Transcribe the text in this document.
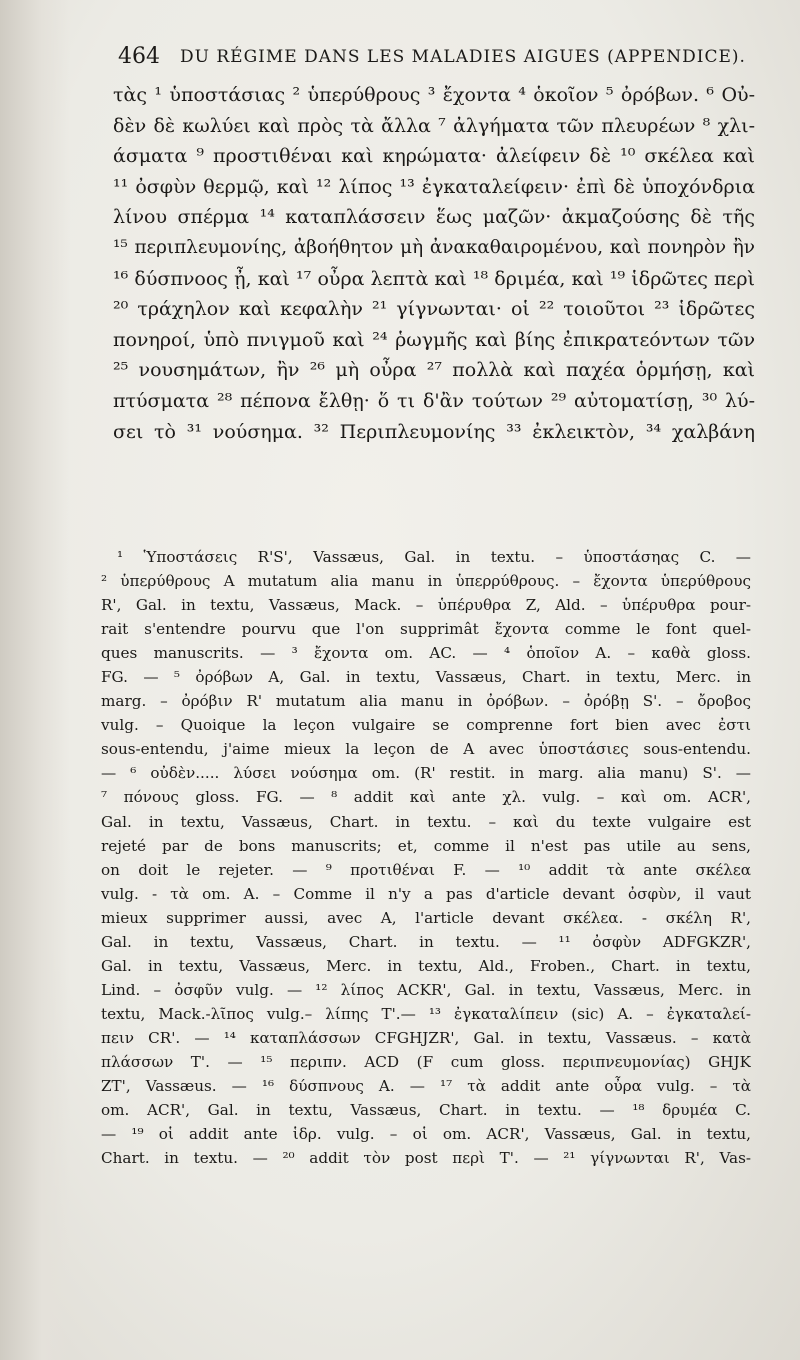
464 DU RÉGIME DANS LES MALADIES AIGUES (APPENDICE).
τὰς ¹ ὑποστάσιας ² ὑπερύθρους ³ ἔχοντα ⁴ ὁκοῖον ⁵ ὀρόβων. ⁶ Οὐ-
δὲν δὲ κωλύει καὶ πρὸς τὰ ἄλλα ⁷ ἀλγήματα τῶν πλευρέων ⁸ χλι-
άσματα ⁹ προστιθέναι καὶ κηρώματα· ἀλείφειν δὲ ¹⁰ σκέλεα καὶ
¹¹ ὀσφὺν θερμῷ, καὶ ¹² λίπος ¹³ ἐγκαταλείφειν· ἐπὶ δὲ ὑποχόνδρια
λίνου σπέρμα ¹⁴ καταπλάσσειν ἕως μαζῶν· ἀκμαζούσης δὲ τῆς
¹⁵ περιπλευμονίης, ἀβοήθητον μὴ ἀνακαθαιρομένου, καὶ πονηρὸν ἢν
¹⁶ δύσπνοος ᾖ, καὶ ¹⁷ οὖρα λεπτὰ καὶ ¹⁸ δριμέα, καὶ ¹⁹ ἱδρῶτες περὶ
²⁰ τράχηλον καὶ κεφαλὴν ²¹ γίγνωνται· οἱ ²² τοιοῦτοι ²³ ἱδρῶτες
πονηροί, ὑπὸ πνιγμοῦ καὶ ²⁴ ῥωγμῆς καὶ βίης ἐπικρατεόντων τῶν
²⁵ νουσημάτων, ἢν ²⁶ μὴ οὖρα ²⁷ πολλὰ καὶ παχέα ὁρμήσῃ, καὶ
πτύσματα ²⁸ πέπονα ἔλθῃ· ὅ τι δ'ἂν τούτων ²⁹ αὐτοματίσῃ, ³⁰ λύ-
σει τὸ ³¹ νούσημα. ³² Περιπλευμονίης ³³ ἐκλεικτὸν, ³⁴ χαλβάνη
¹ Ὑποστάσεις R'S', Vassæus, Gal. in textu. – ὑποστάσηας C. —
² ὑπερύθρους A mutatum alia manu in ὑπερρύθρους. – ἔχοντα ὑπερύθρους
R', Gal. in textu, Vassæus, Mack. – ὑπέρυθρα Z, Ald. – ὑπέρυθρα pour-
rait s'entendre pourvu que l'on supprimât ἔχοντα comme le font quel-
ques manuscrits. — ³ ἔχοντα om. AC. — ⁴ ὁποῖον A. – καθὰ gloss.
FG. — ⁵ ὀρόβων A, Gal. in textu, Vassæus, Chart. in textu, Merc. in
marg. – ὀρόβιν R' mutatum alia manu in ὀρόβων. – ὀρόβῃ S'. – ὄροβος
vulg. – Quoique la leçon vulgaire se comprenne fort bien avec ἐστι
sous-entendu, j'aime mieux la leçon de A avec ὑποστάσιες sous-entendu.
— ⁶ οὐδὲν..... λύσει νούσημα om. (R' restit. in marg. alia manu) S'. —
⁷ πόνους gloss. FG. — ⁸ addit καὶ ante χλ. vulg. – καὶ om. ACR',
Gal. in textu, Vassæus, Chart. in textu. – καὶ du texte vulgaire est
rejeté par de bons manuscrits; et, comme il n'est pas utile au sens,
on doit le rejeter. — ⁹ προτιθέναι F. — ¹⁰ addit τὰ ante σκέλεα
vulg. - τὰ om. A. – Comme il n'y a pas d'article devant ὀσφὺν, il vaut
mieux supprimer aussi, avec A, l'article devant σκέλεα. - σκέλη R',
Gal. in textu, Vassæus, Chart. in textu. — ¹¹ ὀσφὺν ADFGKZR',
Gal. in textu, Vassæus, Merc. in textu, Ald., Froben., Chart. in textu,
Lind. – ὀσφῦν vulg. — ¹² λίπος ACKR', Gal. in textu, Vassæus, Merc. in
textu, Mack.-λῖπος vulg.– λίπης T'.— ¹³ ἐγκαταλίπειν (sic) A. – ἐγκαταλεί-
πειν CR'. — ¹⁴ καταπλάσσων CFGHJZR', Gal. in textu, Vassæus. – κατὰ
πλάσσων T'. — ¹⁵ περιπν. ACD (F cum gloss. περιπνευμονίας) GHJK
ZT', Vassæus. — ¹⁶ δύσπνους A. — ¹⁷ τὰ addit ante οὖρα vulg. – τὰ
om. ACR', Gal. in textu, Vassæus, Chart. in textu. — ¹⁸ δρυμέα C.
— ¹⁹ οἱ addit ante ἱδρ. vulg. – οἱ om. ACR', Vassæus, Gal. in textu,
Chart. in textu. — ²⁰ addit τὸν post περὶ T'. — ²¹ γίγνωνται R', Vas-
